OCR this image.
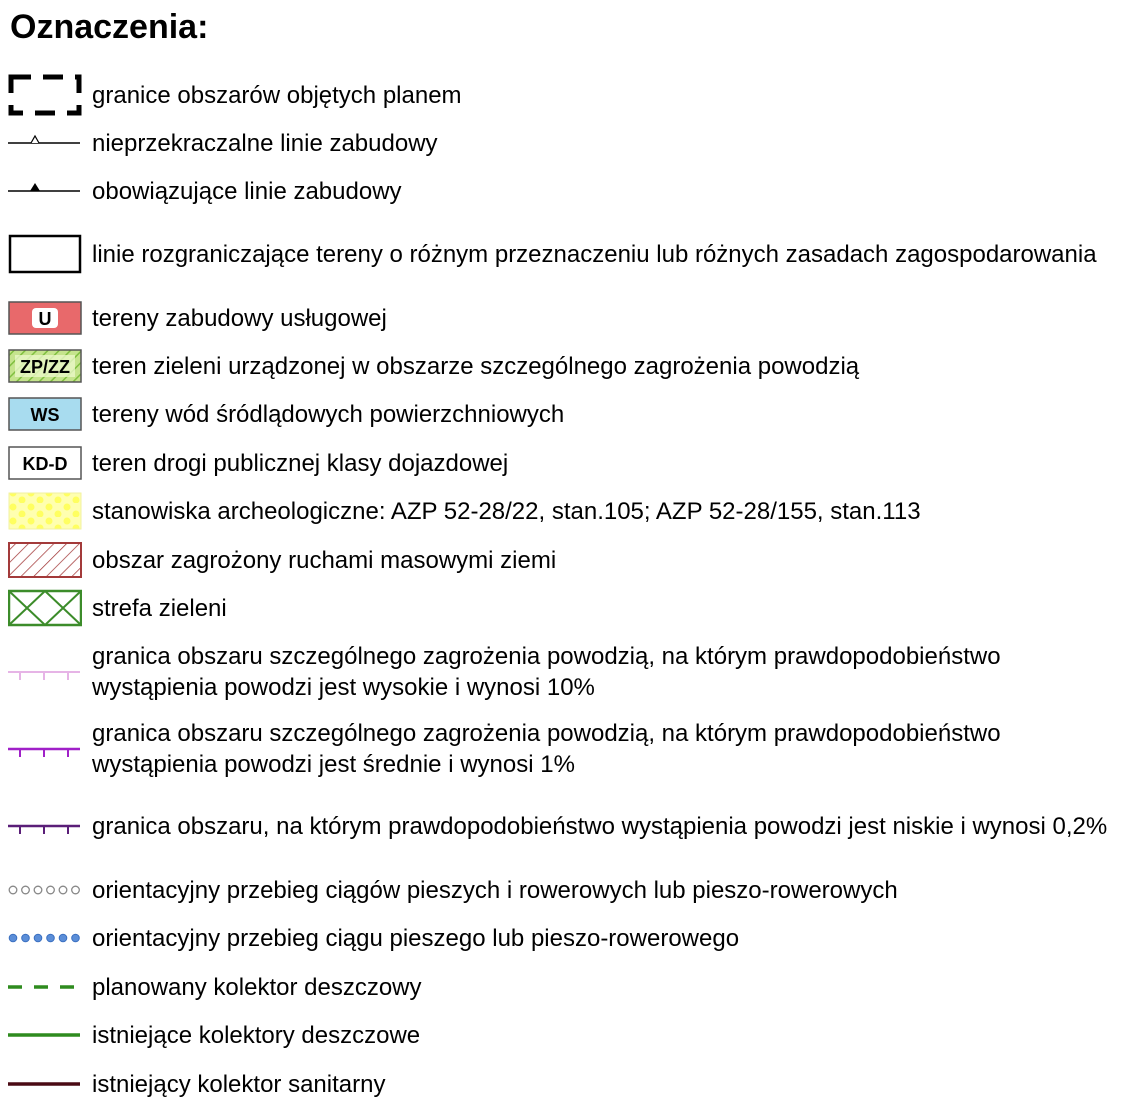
Oznaczenia:
granice obszarów objętych planem
nieprzekraczalne linie zabudowy
obowiązujące linie zabudowy
linie rozgraniczające tereny o różnym przeznaczeniu lub różnych zasadach zagospodarowania
U tereny zabudowy usługowej
ZP/ZZ teren zieleni urządzonej w obszarze szczególnego zagrożenia powodzią
WS tereny wód śródlądowych powierzchniowych
KD-D teren drogi publicznej klasy dojazdowej
stanowiska archeologiczne: AZP 52-28/22, stan.105; AZP 52-28/155, stan.113
obszar zagrożony ruchami masowymi ziemi
strefa zieleni
granica obszaru szczególnego zagrożenia powodzią, na którym prawdopodobieństwo wystąpienia powodzi jest wysokie i wynosi 10%
granica obszaru szczególnego zagrożenia powodzią, na którym prawdopodobieństwo wystąpienia powodzi jest średnie i wynosi 1%
granica obszaru, na którym prawdopodobieństwo wystąpienia powodzi jest niskie i wynosi 0,2%
orientacyjny przebieg ciągów pieszych i rowerowych lub pieszo-rowerowych
orientacyjny przebieg ciągu pieszego lub pieszo-rowerowego
planowany kolektor deszczowy
istniejące kolektory deszczowe
istniejący kolektor sanitarny
